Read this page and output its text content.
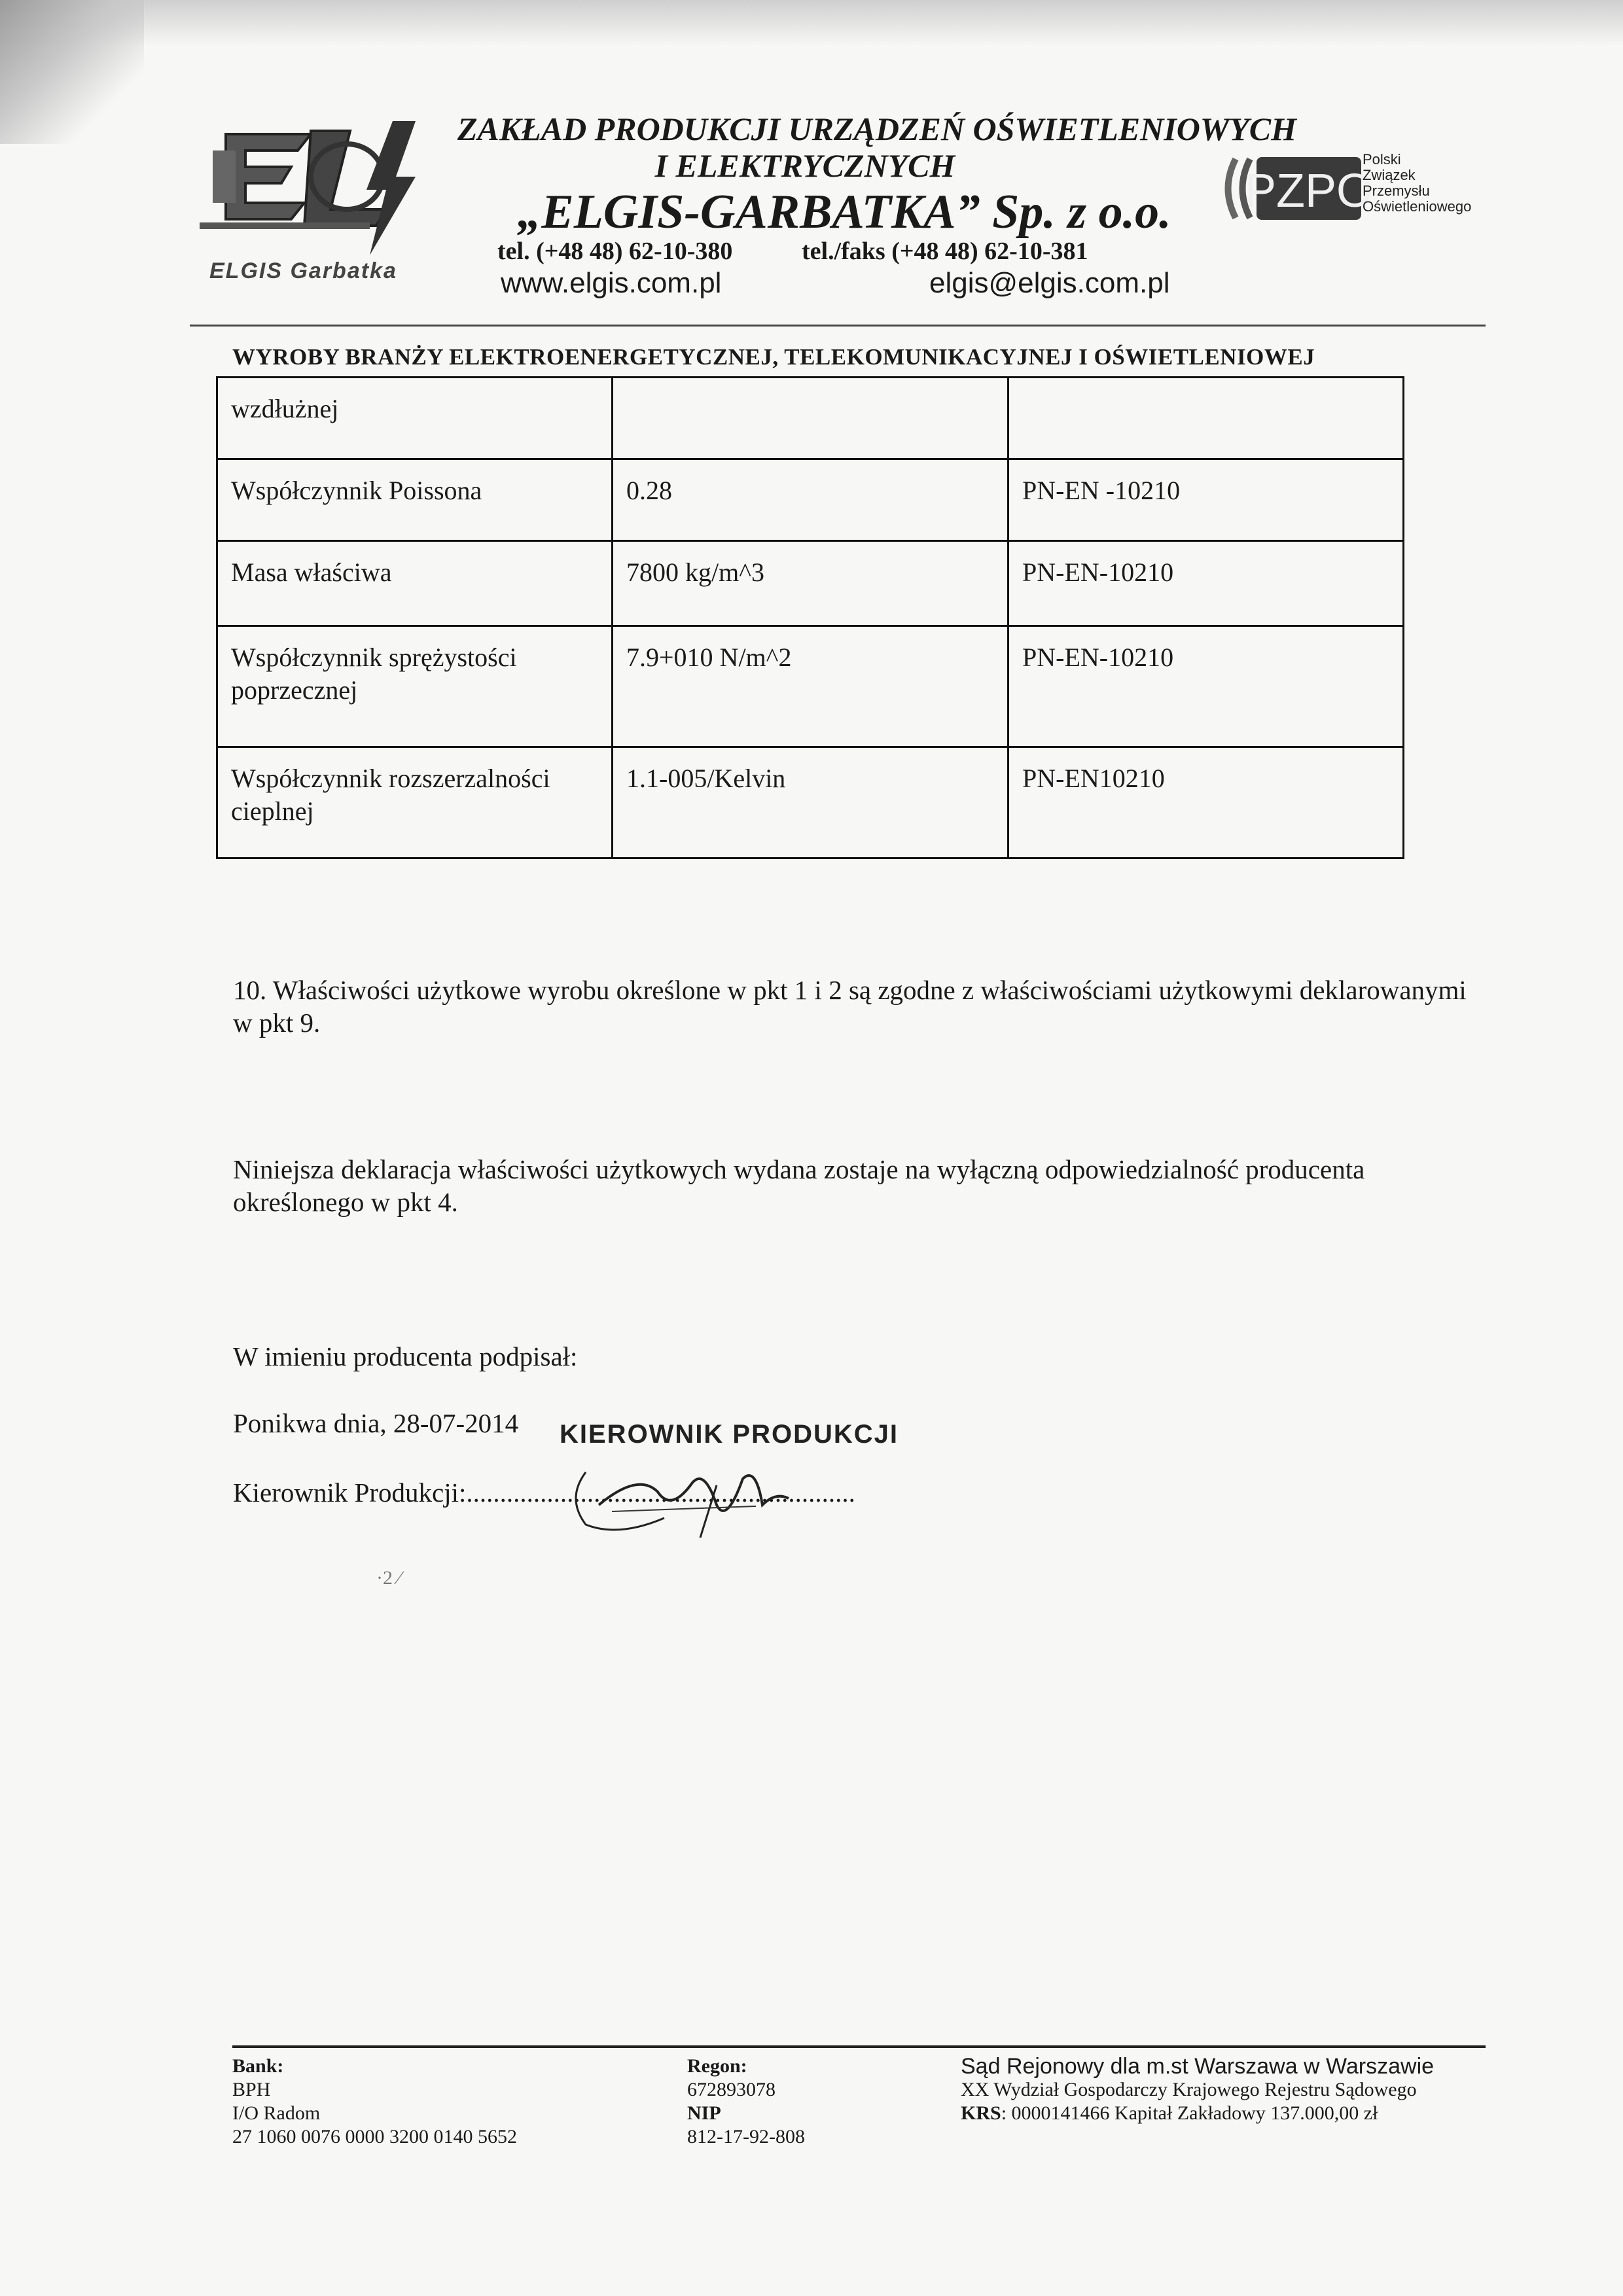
ELGIS Garbatka
ZAKŁAD PRODUKCJI URZĄDZEŃ OŚWIETLENIOWYCH
I ELEKTRYCZNYCH
„ELGIS-GARBATKA” Sp. z o.o.
tel. (+48 48) 62-10-380	tel./faks (+48 48) 62-10-381
www.elgis.com.pl	elgis@elgis.com.pl
PZPO
Polski
Związek
Przemysłu
Oświetleniowego
WYROBY BRANŻY ELEKTROENERGETYCZNEJ, TELEKOMUNIKACYJNEJ I OŚWIETLENIOWEJ
wzdłużnej		
Współczynnik Poissona	0.28	PN-EN -10210
Masa właściwa	7800 kg/m^3	PN-EN-10210
Współczynnik sprężystości poprzecznej	7.9+010 N/m^2	PN-EN-10210
Współczynnik rozszerzalności cieplnej	1.1-005/Kelvin	PN-EN10210
10. Właściwości użytkowe wyrobu określone w pkt 1 i 2 są zgodne z właściwościami użytkowymi deklarowanymi w pkt 9.
Niniejsza deklaracja właściwości użytkowych wydana zostaje na wyłączną odpowiedzialność producenta określonego w pkt 4.
W imieniu producenta podpisał:
Ponikwa dnia, 28-07-2014
Kierownik Produkcji:..........................................................
KIEROWNIK PRODUKCJI
·2 ⁄
Bank:
BPH
I/O Radom
27 1060 0076 0000 3200 0140 5652
Regon:
672893078
NIP
812-17-92-808
Sąd Rejonowy dla m.st Warszawa w Warszawie
XX Wydział Gospodarczy Krajowego Rejestru Sądowego
KRS: 0000141466 Kapitał Zakładowy 137.000,00 zł
